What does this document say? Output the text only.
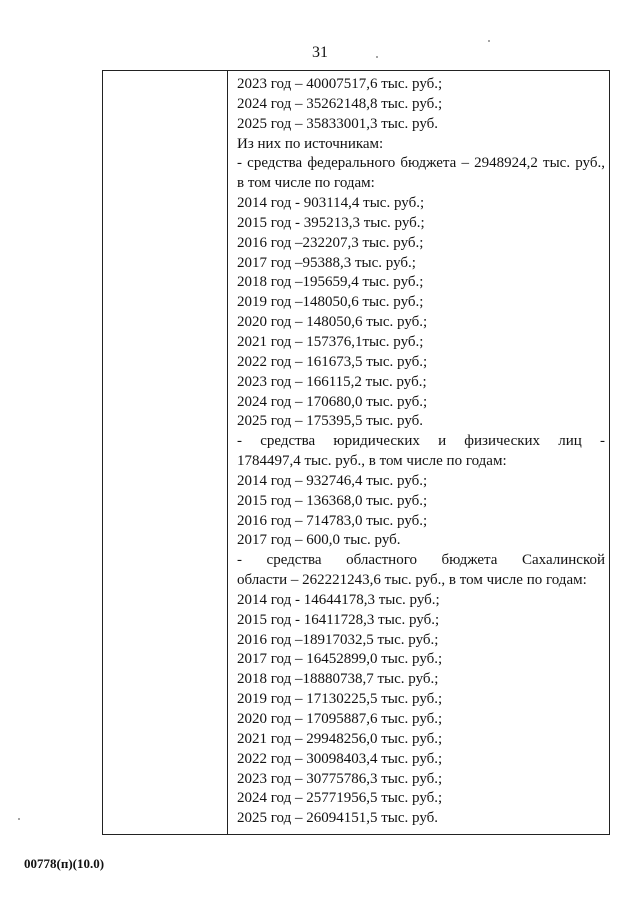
31
2023 год – 40007517,6 тыс. руб.;
2024 год – 35262148,8 тыс. руб.;
2025 год – 35833001,3 тыс. руб.
Из них по источникам:
- средства федерального бюджета – 2948924,2 тыс. руб.,
в том числе по годам:
2014 год - 903114,4 тыс. руб.;
2015 год - 395213,3 тыс. руб.;
2016 год –232207,3 тыс. руб.;
2017 год –95388,3 тыс. руб.;
2018 год –195659,4 тыс. руб.;
2019 год –148050,6 тыс. руб.;
2020 год – 148050,6 тыс. руб.;
2021 год – 157376,1тыс. руб.;
2022 год – 161673,5 тыс. руб.;
2023 год – 166115,2 тыс. руб.;
2024 год – 170680,0 тыс. руб.;
2025 год – 175395,5 тыс. руб.
- средства юридических и физических лиц -
1784497,4 тыс. руб., в том числе по годам:
2014 год – 932746,4 тыс. руб.;
2015 год – 136368,0 тыс. руб.;
2016 год – 714783,0 тыс. руб.;
2017 год – 600,0 тыс. руб.
- средства областного бюджета Сахалинской
области – 262221243,6 тыс. руб., в том числе по годам:
2014 год - 14644178,3 тыс. руб.;
2015 год - 16411728,3 тыс. руб.;
2016 год –18917032,5 тыс. руб.;
2017 год – 16452899,0 тыс. руб.;
2018 год –18880738,7 тыс. руб.;
2019 год – 17130225,5 тыс. руб.;
2020 год – 17095887,6 тыс. руб.;
2021 год – 29948256,0 тыс. руб.;
2022 год – 30098403,4 тыс. руб.;
2023 год – 30775786,3 тыс. руб.;
2024 год – 25771956,5 тыс. руб.;
2025 год – 26094151,5 тыс. руб.
00778(п)(10.0)
